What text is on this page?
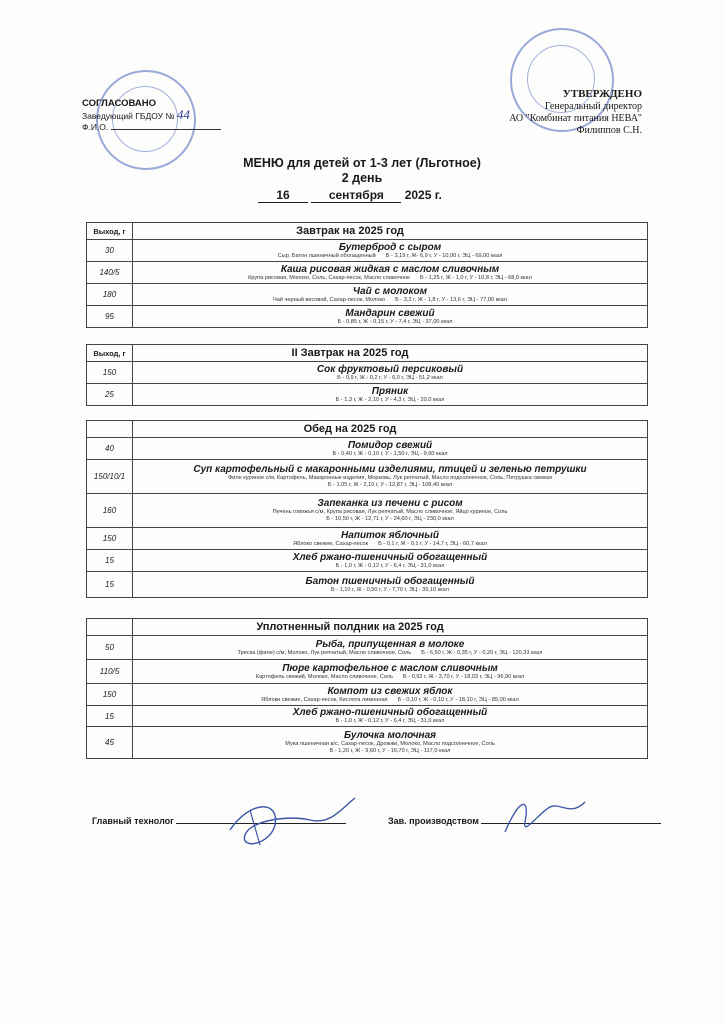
СОГЛАСОВАНО
Заведующий ГБДОУ № 44
Ф.И.О.
УТВЕРЖДЕНО
Генеральный директор
АО "Комбинат питания НЕВА"
Филиппов С.Н.
МЕНЮ для детей от 1-3 лет (Льготное)
2 день
16	сентября 2025 г.
Выход, г	Завтрак на 2025 год
30	Бутерброд с сыром
Сыр, Батон пшеничный обогащенный Б - 3,19 г, Ж- 6,9 г, У - 10,00 г, ЭЦ - 69,00 ккал

140/5	Каша рисовая жидкая с маслом сливочным
Крупа рисовая, Молоко, Соль, Сахар-песок, Масло сливочное Б - 1,25 г, Ж - 1,0 г, У - 10,8 г, ЭЦ - 68,0 ккал

180	Чай с молоком
Чай черный весовой, Сахар-песок, Молоко Б - 3,2 г, Ж - 1,8 г, У - 13,6 г, ЭЦ - 77,00 ккал

95	Мандарин свежий
Б - 0,85 г, Ж - 0,15 г, У - 7,4 г, ЭЦ - 37,00 ккал
Выход, г	II Завтрак на 2025 год
150	Сок фруктовый персиковый
Б - 0,9 г, Ж - 0,2 г, У - 6,0 г, ЭЦ - 51,2 ккал

25	Пряник
Б - 1,3 г, Ж - 2,10 г, У - 4,3 г, ЭЦ - 20,0 ккал
	Обед на 2025 год
40	Помидор свежий
Б - 0,40 г, Ж - 0,10 г, У - 1,50 г, ЭЦ - 9,60 ккал

150/10/1	Суп картофельный с макаронными изделиями, птицей и зеленью петрушки
Филе куриное с/м, Картофель, Макаронные изделия, Морковь, Лук репчатый, Масло подсолнечное, Соль, Петрушка свежая
Б - 1,05 г, Ж - 2,10 г, У - 12,87 г, ЭЦ - 108,40 ккал

160	Запеканка из печени с рисом
Печень говяжья с/м, Крупа рисовая, Лук репчатый, Масло сливочное, Яйцо куриное, Соль
Б - 10,50 г, Ж - 12,71 г, У - 24,60 г, ЭЦ - 230,0 ккал

150	Напиток яблочный
Яблоко свежее, Сахар-песок Б - 0,1 г, Ж - 0,1 г, У - 14,7 г, ЭЦ - 60,7 ккал

15	Хлеб ржано-пшеничный обогащенный
Б - 1,0 г, Ж - 0,12 г, У - 6,4 г, ЭЦ - 31,0 ккал

15	Батон пшеничный обогащенный
Б - 1,10 г, Ж - 0,50 г, У - 7,70 г, ЭЦ - 39,10 ккал
	Уплотненный полдник на 2025 год
50	Рыба, припущенная в молоке
Треска (филе) с/м, Молоко, Лук репчатый, Масло сливочное, Соль Б - 6,50 г, Ж - 0,35 г, У - 0,20 г, ЭЦ - 120,33 ккал

110/5	Пюре картофельное с маслом сливочным
Картофель свежий, Молоко, Масло сливочное, Соль Б - 0,92 г, Ж - 3,70 г, У - 18,03 г, ЭЦ - 96,90 ккал

150	Компот из свежих яблок
Яблоки свежие, Сахар-песок, Кислота лимонная Б - 0,10 г, Ж - 0,10 г, У - 18,10 г, ЭЦ - 85,00 ккал

15	Хлеб ржано-пшеничный обогащенный
Б - 1,0 г, Ж - 0,12 г, У - 6,4 г, ЭЦ - 31,0 ккал

45	Булочка молочная
Мука пшеничная в/с, Сахар-песок, Дрожжи, Молоко, Масло подсолнечное, Соль
Б - 1,20 г, Ж - 9,60 г, У - 16,70 г, ЭЦ - 117,0 ккал
Главный технолог	Зав. производством
